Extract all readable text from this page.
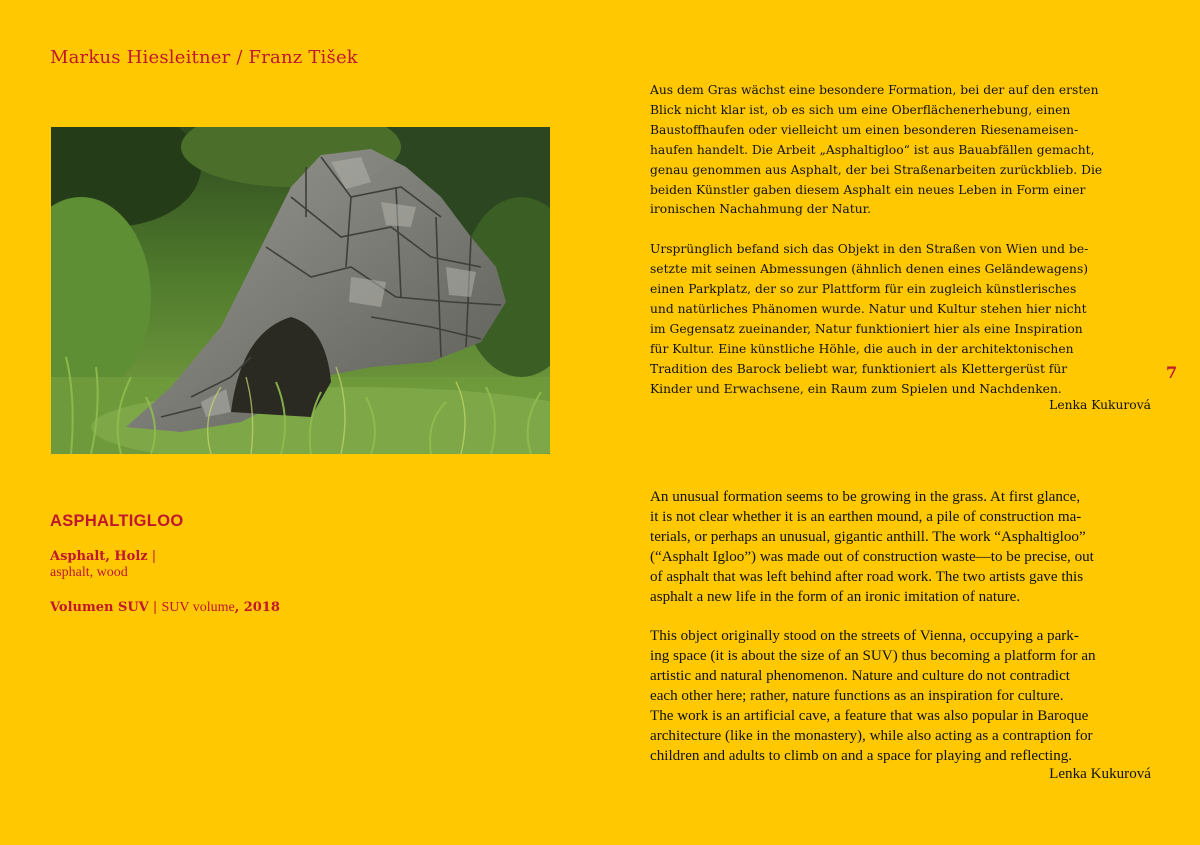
Markus Hiesleitner / Franz Tišek
ASPHALTIGLOO
Asphalt, Holz |
asphalt, wood
Volumen SUV | SUV volume, 2018

Aus dem Gras wächst eine besondere Formation, bei der auf den ersten
Blick nicht klar ist, ob es sich um eine Oberflächenerhebung, einen
Baustoffhaufen oder vielleicht um einen besonderen Riesenameisen-
haufen handelt. Die Arbeit „Asphaltigloo“ ist aus Bauabfällen gemacht,
genau genommen aus Asphalt, der bei Straßenarbeiten zurückblieb. Die
beiden Künstler gaben diesem Asphalt ein neues Leben in Form einer
ironischen Nachahmung der Natur.

Ursprünglich befand sich das Objekt in den Straßen von Wien und be-
setzte mit seinen Abmessungen (ähnlich denen eines Geländewagens)
einen Parkplatz, der so zur Plattform für ein zugleich künstlerisches
und natürliches Phänomen wurde. Natur und Kultur stehen hier nicht
im Gegensatz zueinander, Natur funktioniert hier als eine Inspiration
für Kultur. Eine künstliche Höhle, die auch in der architektonischen
Tradition des Barock beliebt war, funktioniert als Klettergerüst für
Kinder und Erwachsene, ein Raum zum Spielen und Nachdenken.

Lenka Kukurová
7

An unusual formation seems to be growing in the grass. At first glance,
it is not clear whether it is an earthen mound, a pile of construction ma-
terials, or perhaps an unusual, gigantic anthill. The work “Asphaltigloo”
(“Asphalt Igloo”) was made out of construction waste—to be precise, out
of asphalt that was left behind after road work. The two artists gave this
asphalt a new life in the form of an ironic imitation of nature.

This object originally stood on the streets of Vienna, occupying a park-
ing space (it is about the size of an SUV) thus becoming a platform for an
artistic and natural phenomenon. Nature and culture do not contradict
each other here; rather, nature functions as an inspiration for culture.
The work is an artificial cave, a feature that was also popular in Baroque
architecture (like in the monastery), while also acting as a contraption for
children and adults to climb on and a space for playing and reflecting.

Lenka Kukurová
